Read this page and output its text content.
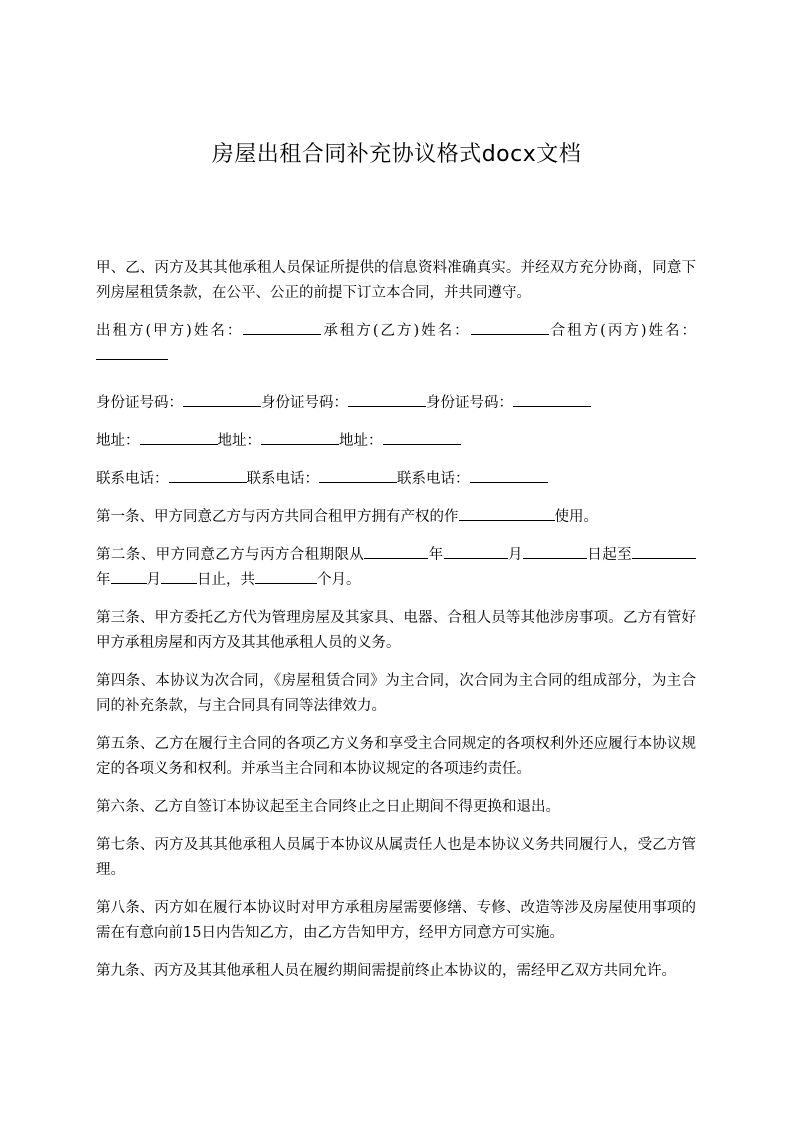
房屋出租合同补充协议格式docx文档

甲、乙、丙方及其其他承租人员保证所提供的信息资料准确真实。并经双方充分协商，同意下列房屋租赁条款，在公平、公正的前提下订立本合同，并共同遵守。

出租方(甲方)姓名：	承租方(乙方)姓名：	合租方(丙方)姓名：

身份证号码：	身份证号码：	身份证号码：

地址：	地址：	地址：

联系电话：	联系电话：	联系电话：

第一条、甲方同意乙方与丙方共同合租甲方拥有产权的作	使用。

第二条、甲方同意乙方与丙方合租期限从	年	月	日起至年 月 日止，共	个月。

第三条、甲方委托乙方代为管理房屋及其家具、电器、合租人员等其他涉房事项。乙方有管好甲方承租房屋和丙方及其其他承租人员的义务。

第四条、本协议为次合同，《房屋租赁合同》为主合同，次合同为主合同的组成部分，为主合同的补充条款，与主合同具有同等法律效力。

第五条、乙方在履行主合同的各项乙方义务和享受主合同规定的各项权利外还应履行本协议规定的各项义务和权利。并承当主合同和本协议规定的各项违约责任。

第六条、乙方自签订本协议起至主合同终止之日止期间不得更换和退出。

第七条、丙方及其其他承租人员属于本协议从属责任人也是本协议义务共同履行人，受乙方管理。

第八条、丙方如在履行本协议时对甲方承租房屋需要修缮、专修、改造等涉及房屋使用事项的需在有意向前15日内告知乙方，由乙方告知甲方，经甲方同意方可实施。

第九条、丙方及其其他承租人员在履约期间需提前终止本协议的，需经甲乙双方共同允许。
